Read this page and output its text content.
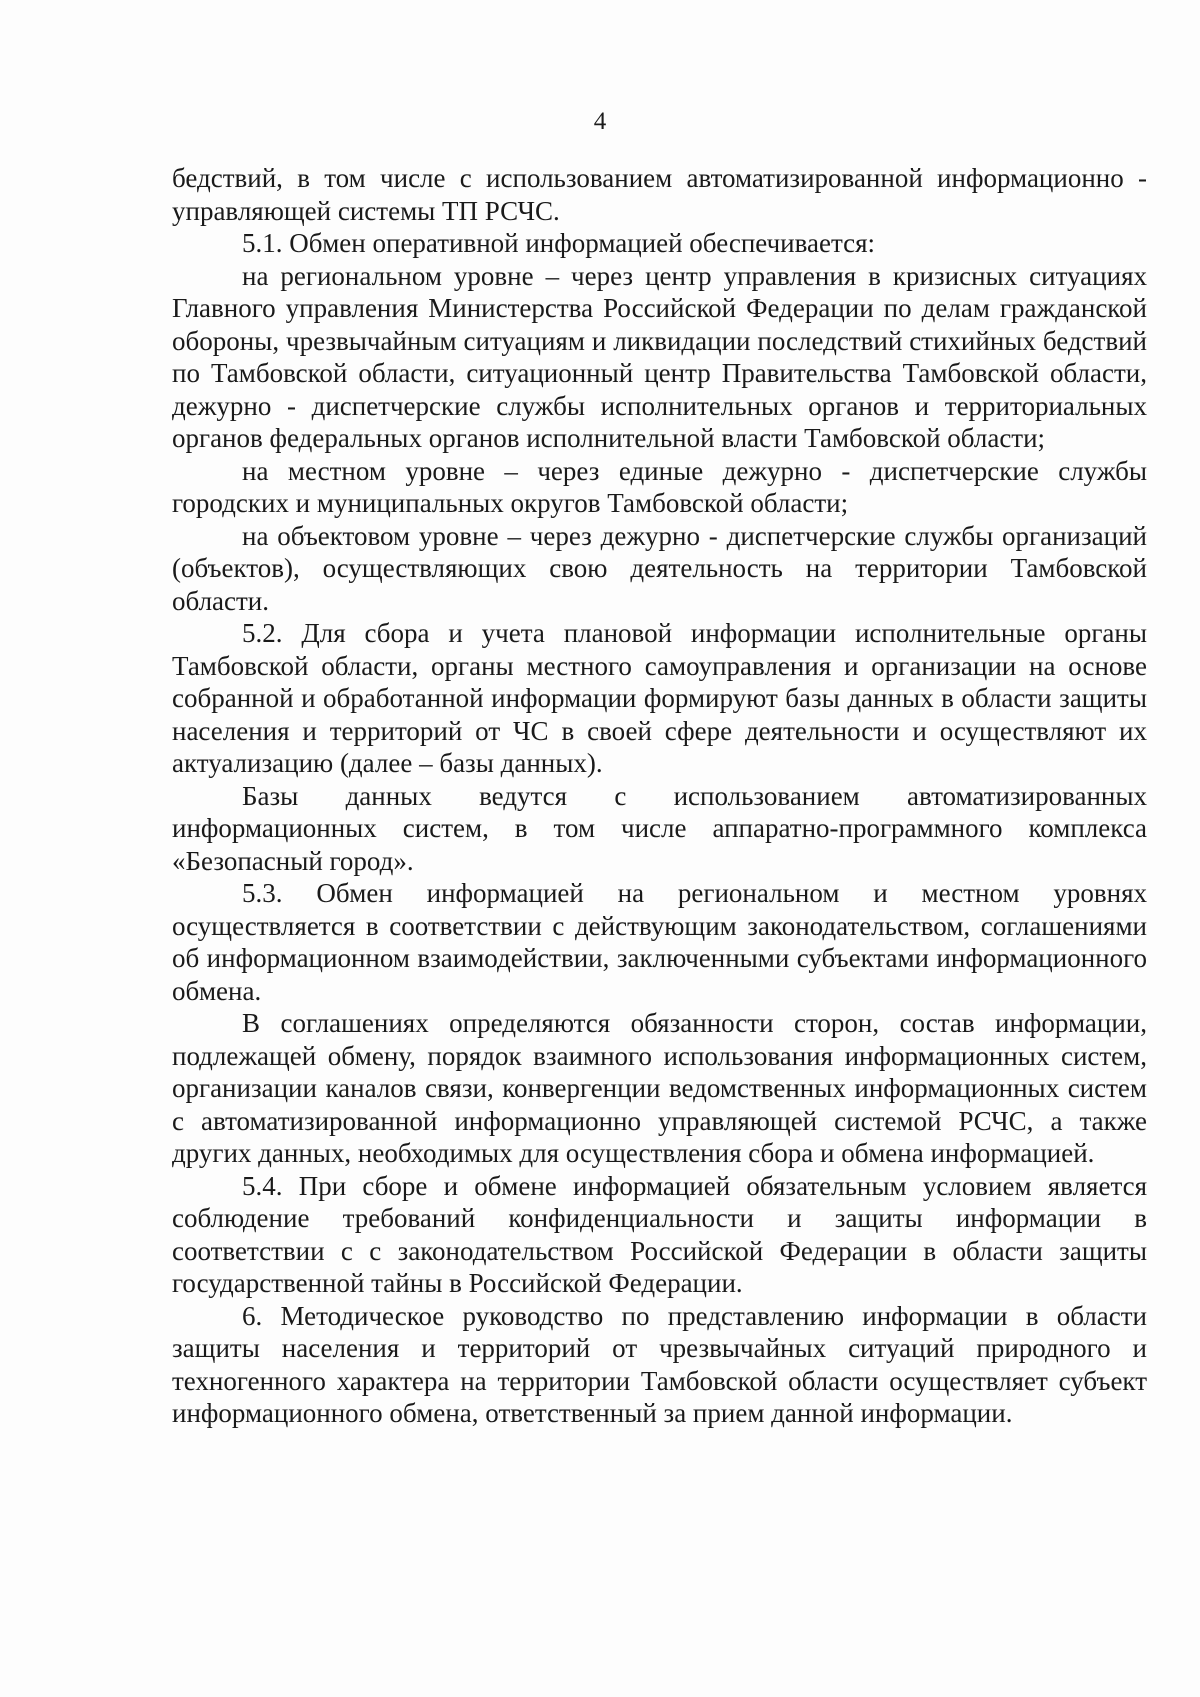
4

бедствий, в том числе с использованием автоматизированной информационно - управляющей системы ТП РСЧС.

5.1. Обмен оперативной информацией обеспечивается:

на региональном уровне – через центр управления в кризисных ситуациях Главного управления Министерства Российской Федерации по делам гражданской обороны, чрезвычайным ситуациям и ликвидации последствий стихийных бедствий по Тамбовской области, ситуационный центр Правительства Тамбовской области, дежурно - диспетчерские службы исполнительных органов и территориальных органов федеральных органов исполнительной власти Тамбовской области;

на местном уровне – через единые дежурно - диспетчерские службы городских и муниципальных округов Тамбовской области;

на объектовом уровне – через дежурно - диспетчерские службы организаций (объектов), осуществляющих свою деятельность на территории Тамбовской области.

5.2. Для сбора и учета плановой информации исполнительные органы Тамбовской области, органы местного самоуправления и организации на основе собранной и обработанной информации формируют базы данных в области защиты населения и территорий от ЧС в своей сфере деятельности и осуществляют их актуализацию (далее – базы данных).

Базы данных ведутся с использованием автоматизированных информационных систем, в том числе аппаратно-программного комплекса «Безопасный город».

5.3. Обмен информацией на региональном и местном уровнях осуществляется в соответствии с действующим законодательством, соглашениями об информационном взаимодействии, заключенными субъектами информационного обмена.

В соглашениях определяются обязанности сторон, состав информации, подлежащей обмену, порядок взаимного использования информационных систем, организации каналов связи, конвергенции ведомственных информационных систем с автоматизированной информационно управляющей системой РСЧС, а также других данных, необходимых для осуществления сбора и обмена информацией.

5.4. При сборе и обмене информацией обязательным условием является соблюдение требований конфиденциальности и защиты информации в соответствии с с законодательством Российской Федерации в области защиты государственной тайны в Российской Федерации.

6. Методическое руководство по представлению информации в области защиты населения и территорий от чрезвычайных ситуаций природного и техногенного характера на территории Тамбовской области осуществляет субъект информационного обмена, ответственный за прием данной информации.
